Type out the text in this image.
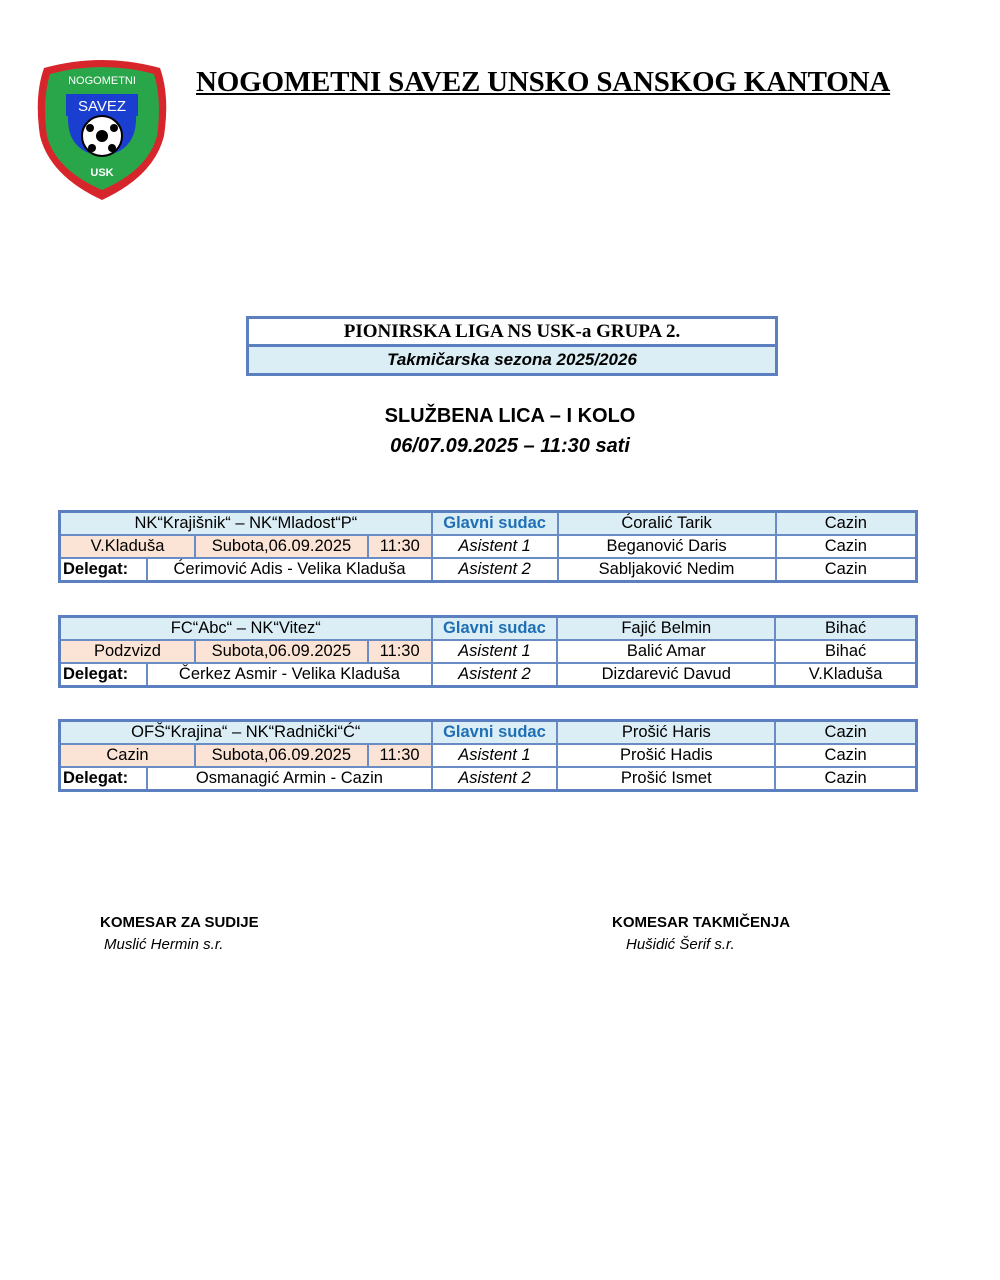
NOGOMETNI
SAVEZ
USK
NOGOMETNI SAVEZ UNSKO SANSKOG KANTONA
PIONIRSKA LIGA NS USK-a GRUPA 2.
Takmičarska sezona 2025/2026
SLUŽBENA LICA – I KOLO
06/07.09.2025 – 11:30 sati
NK“Krajišnik“ – NK“Mladost“P“				Glavni sudac	Ćoralić Tarik	Cazin
V.Kladuša		Subota,06.09.2025	11:30	Asistent 1	Beganović Daris	Cazin
Delegat:	Ćerimović Adis - Velika Kladuša			Asistent 2	Sabljaković Nedim	Cazin
FC“Abc“ – NK“Vitez“				Glavni sudac	Fajić Belmin	Bihać
Podzvizd		Subota,06.09.2025	11:30	Asistent 1	Balić Amar	Bihać
Delegat:	Čerkez Asmir - Velika Kladuša			Asistent 2	Dizdarević Davud	V.Kladuša
OFŠ“Krajina“ – NK“Radnički“Ć“				Glavni sudac	Prošić Haris	Cazin
Cazin		Subota,06.09.2025	11:30	Asistent 1	Prošić Hadis	Cazin
Delegat:	Osmanagić Armin - Cazin			Asistent 2	Prošić Ismet	Cazin
KOMESAR ZA SUDIJE
Muslić Hermin s.r.
KOMESAR TAKMIČENJA
Hušidić Šerif s.r.
